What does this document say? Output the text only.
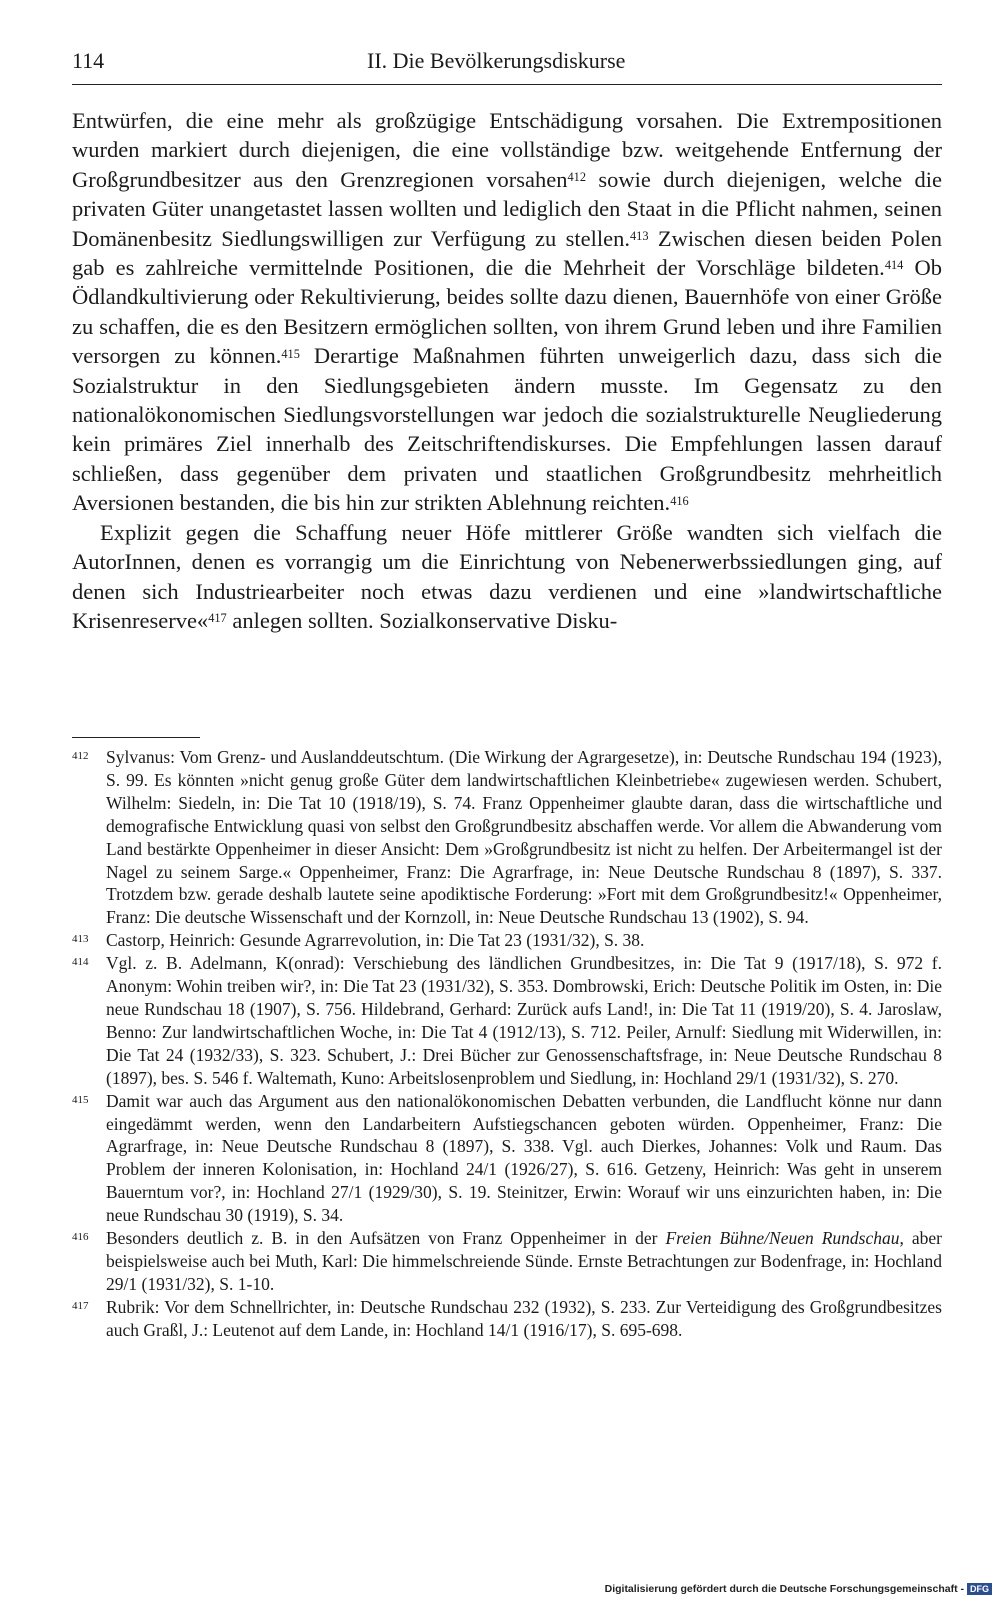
114	II. Die Bevölkerungsdiskurse

Entwürfen, die eine mehr als großzügige Entschädigung vorsahen. Die Extrempositionen wurden markiert durch diejenigen, die eine vollständige bzw. weitgehende Entfernung der Großgrundbesitzer aus den Grenzregionen vorsahen$^{412}$ sowie durch diejenigen, welche die privaten Güter unangetastet lassen wollten und lediglich den Staat in die Pflicht nahmen, seinen Domänenbesitz Siedlungswilligen zur Verfügung zu stellen.$^{413}$ Zwischen diesen beiden Polen gab es zahlreiche vermittelnde Positionen, die die Mehrheit der Vorschläge bildeten.$^{414}$ Ob Ödlandkultivierung oder Rekultivierung, beides sollte dazu dienen, Bauernhöfe von einer Größe zu schaffen, die es den Besitzern ermöglichen sollten, von ihrem Grund leben und ihre Familien versorgen zu können.$^{415}$ Derartige Maßnahmen führten unweigerlich dazu, dass sich die Sozialstruktur in den Siedlungsgebieten ändern musste. Im Gegensatz zu den nationalökonomischen Siedlungsvorstellungen war jedoch die sozialstrukturelle Neugliederung kein primäres Ziel innerhalb des Zeitschriftendiskurses. Die Empfehlungen lassen darauf schließen, dass gegenüber dem privaten und staatlichen Großgrundbesitz mehrheitlich Aversionen bestanden, die bis hin zur strikten Ablehnung reichten.$^{416}$

Explizit gegen die Schaffung neuer Höfe mittlerer Größe wandten sich vielfach die AutorInnen, denen es vorrangig um die Einrichtung von Nebenerwerbssiedlungen ging, auf denen sich Industriearbeiter noch etwas dazu verdienen und eine »landwirtschaftliche Krisenreserve«$^{417}$ anlegen sollten. Sozialkonservative Disku-

412 Sylvanus: Vom Grenz- und Auslanddeutschtum. (Die Wirkung der Agrargesetze), in: Deutsche Rundschau 194 (1923), S. 99. Es könnten »nicht genug große Güter dem landwirtschaftlichen Kleinbetriebe« zugewiesen werden. Schubert, Wilhelm: Siedeln, in: Die Tat 10 (1918/19), S. 74. Franz Oppenheimer glaubte daran, dass die wirtschaftliche und demografische Entwicklung quasi von selbst den Großgrundbesitz abschaffen werde. Vor allem die Abwanderung vom Land bestärkte Oppenheimer in dieser Ansicht: Dem »Großgrundbesitz ist nicht zu helfen. Der Arbeitermangel ist der Nagel zu seinem Sarge.« Oppenheimer, Franz: Die Agrarfrage, in: Neue Deutsche Rundschau 8 (1897), S. 337. Trotzdem bzw. gerade deshalb lautete seine apodiktische Forderung: »Fort mit dem Großgrundbesitz!« Oppenheimer, Franz: Die deutsche Wissenschaft und der Kornzoll, in: Neue Deutsche Rundschau 13 (1902), S. 94.

413 Castorp, Heinrich: Gesunde Agrarrevolution, in: Die Tat 23 (1931/32), S. 38.

414 Vgl. z. B. Adelmann, K(onrad): Verschiebung des ländlichen Grundbesitzes, in: Die Tat 9 (1917/18), S. 972 f. Anonym: Wohin treiben wir?, in: Die Tat 23 (1931/32), S. 353. Dombrowski, Erich: Deutsche Politik im Osten, in: Die neue Rundschau 18 (1907), S. 756. Hildebrand, Gerhard: Zurück aufs Land!, in: Die Tat 11 (1919/20), S. 4. Jaroslaw, Benno: Zur landwirtschaftlichen Woche, in: Die Tat 4 (1912/13), S. 712. Peiler, Arnulf: Siedlung mit Widerwillen, in: Die Tat 24 (1932/33), S. 323. Schubert, J.: Drei Bücher zur Genossenschaftsfrage, in: Neue Deutsche Rundschau 8 (1897), bes. S. 546 f. Waltemath, Kuno: Arbeitslosenproblem und Siedlung, in: Hochland 29/1 (1931/32), S. 270.

415 Damit war auch das Argument aus den nationalökonomischen Debatten verbunden, die Landflucht könne nur dann eingedämmt werden, wenn den Landarbeitern Aufstiegschancen geboten würden. Oppenheimer, Franz: Die Agrarfrage, in: Neue Deutsche Rundschau 8 (1897), S. 338. Vgl. auch Dierkes, Johannes: Volk und Raum. Das Problem der inneren Kolonisation, in: Hochland 24/1 (1926/27), S. 616. Getzeny, Heinrich: Was geht in unserem Bauerntum vor?, in: Hochland 27/1 (1929/30), S. 19. Steinitzer, Erwin: Worauf wir uns einzurichten haben, in: Die neue Rundschau 30 (1919), S. 34.

416 Besonders deutlich z. B. in den Aufsätzen von Franz Oppenheimer in der Freien Bühne/Neuen Rundschau, aber beispielsweise auch bei Muth, Karl: Die himmelschreiende Sünde. Ernste Betrachtungen zur Bodenfrage, in: Hochland 29/1 (1931/32), S. 1-10.

417 Rubrik: Vor dem Schnellrichter, in: Deutsche Rundschau 232 (1932), S. 233. Zur Verteidigung des Großgrundbesitzes auch Graßl, J.: Leutenot auf dem Lande, in: Hochland 14/1 (1916/17), S. 695-698.

Digitalisierung gefördert durch die Deutsche Forschungsgemeinschaft - DFG
